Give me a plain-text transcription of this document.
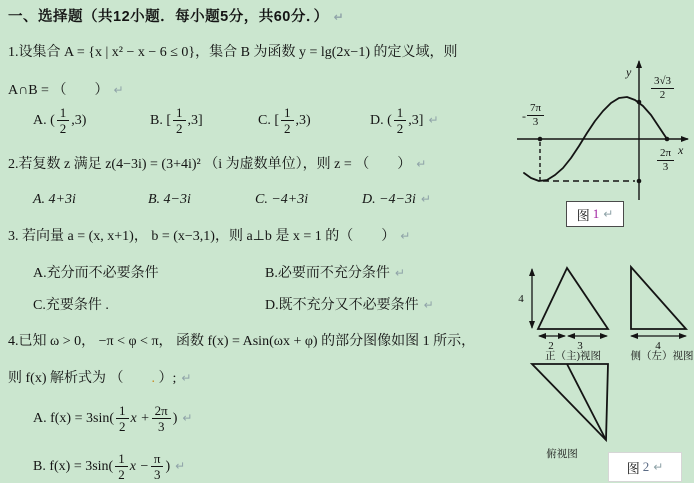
一、选择题（共12小题．每小题5分，共60分．） ↵
1.设集合 A = {x | x² − x − 6 ≤ 0}，集合 B 为函数 y = lg(2x−1) 的定义域，则
A∩B = （　　） ↵
A. ( $\frac{1}{2} ,3$)	B. [ $\frac{1}{2} ,3$]	C. [ $\frac{1}{2} ,3$)	D. ( $\frac{1}{2} ,3$] ↵
2.若复数 z 满足 z(4−3i) = (3+4i)² （i 为虚数单位），则 z = （　　） ↵
A. 4+3i	B. 4−3i	C. −4+3i	D. −4−3i ↵
3. 若向量 a = (x, x+1)， b = (x−3,1)，则 a⊥b 是 x = 1 的（　　） ↵
A.充分而不必要条件	B.必要而不充分条件 ↵
C.充要条件 .	D.既不充分又不必要条件 ↵
4.已知 ω > 0， −π < φ < π， 函数 f(x) = Asin(ωx + φ) 的部分图像如图 1 所示，
则 f(x) 解析式为 （　　. ）; ↵
A. $f(x) = 3\sin( \frac{1}{2}$ $x + \frac{2\pi}{3}$ ) ↵
B. $f(x) = 3\sin( \frac{1}{2}$ $x - \frac{\pi}{3}$ ) ↵
y
x
$\frac{3√3}{2}$
- $\frac{7\pi}{3}$
$\frac{2\pi}{3}$
图 1 ↵
4
2 3
正（主)视图
4
侧（左）视图
俯视图
图 2 ↵
